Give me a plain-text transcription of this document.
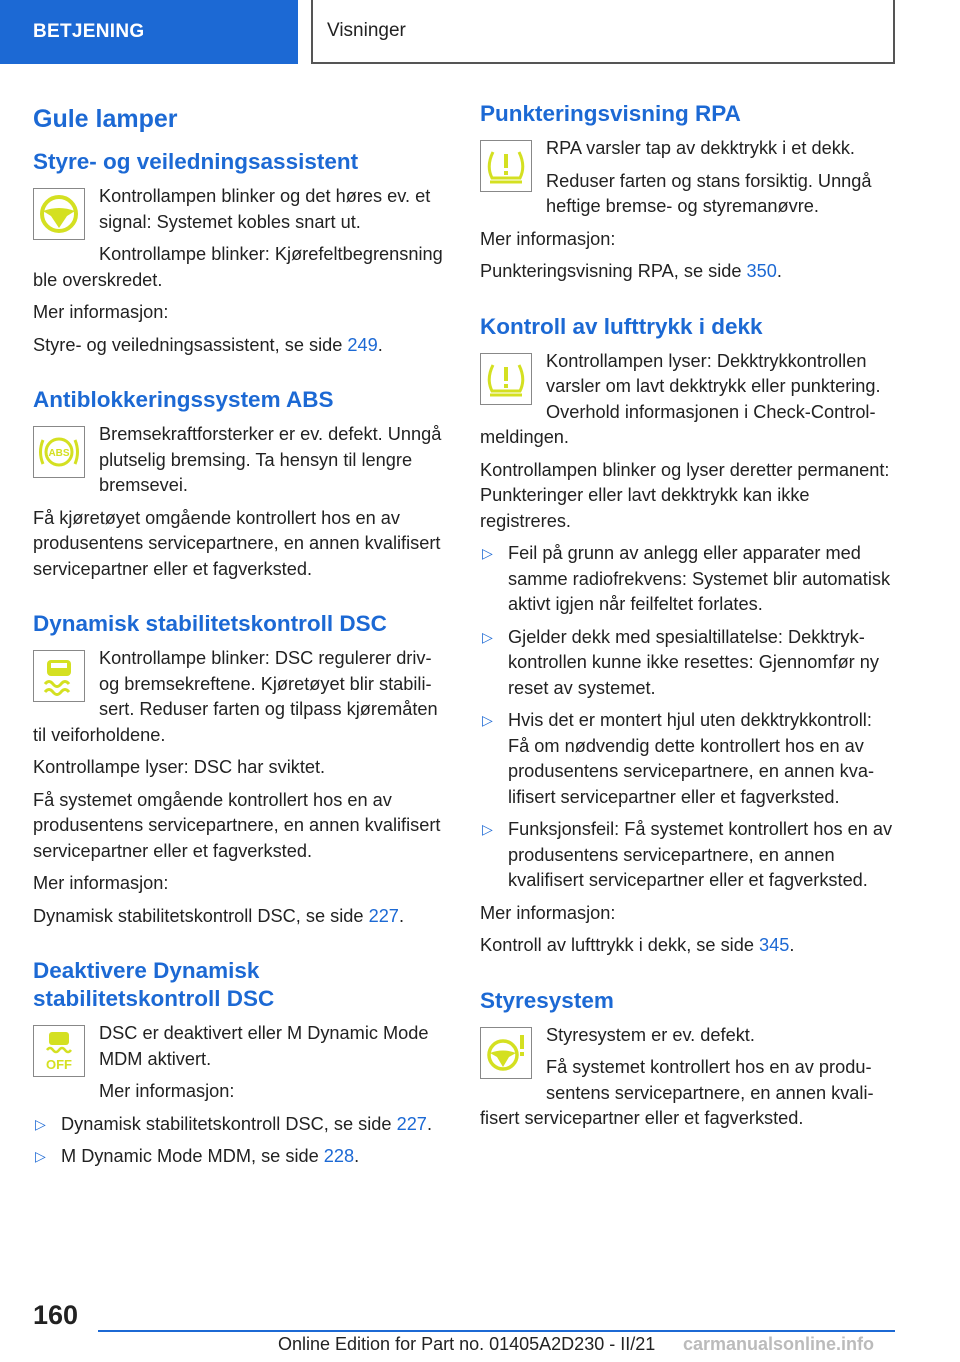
BETJENING	Visninger
Gule lamper
Styre- og veiledningsassistent

Kontrollampen blinker og det høres ev. et signal: Systemet kobles snart ut.

Kontrollampe blinker: Kjørefeltbegrensning ble overskredet.

Mer informasjon:

Styre- og veiledningsassistent, se side 249.

Antiblokkeringssystem ABS
ABS

Bremsekraftforsterker er ev. defekt. Unngå plutselig bremsing. Ta hensyn til lengre bremsevei.

Få kjøretøyet omgående kontrollert hos en av produsentens servicepartnere, en annen kvalifisert servicepartner eller et fagverksted.

Dynamisk stabilitetskontroll DSC

Kontrollampe blinker: DSC regulerer driv- og bremsekreftene. Kjøretøyet blir stabilisert. Reduser farten og tilpass kjøremåten til veiforholdene.

Kontrollampe lyser: DSC har sviktet.

Få systemet omgående kontrollert hos en av produsentens servicepartnere, en annen kvalifisert servicepartner eller et fagverksted.

Mer informasjon:

Dynamisk stabilitetskontroll DSC, se side 227.

Deaktivere Dynamisk stabilitetskontroll DSC
OFF

DSC er deaktivert eller M Dynamic Mode MDM aktivert.

Mer informasjon:

▷ Dynamisk stabilitetskontroll DSC, se side 227.
▷ M Dynamic Mode MDM, se side 228.
Punkteringsvisning RPA

RPA varsler tap av dekktrykk i et dekk.

Reduser farten og stans forsiktig. Unngå heftige bremse- og styremanøvre.

Mer informasjon:

Punkteringsvisning RPA, se side 350.

Kontroll av lufttrykk i dekk

Kontrollampen lyser: Dekktrykkontrollen varsler om lavt dekktrykk eller punktering. Overhold informasjonen i Check-Control-meldingen.

Kontrollampen blinker og lyser deretter permanent: Punkteringer eller lavt dekktrykk kan ikke registreres.

▷ Feil på grunn av anlegg eller apparater med samme radiofrekvens: Systemet blir automatisk aktivt igjen når feilfeltet forlates.
▷ Gjelder dekk med spesialtillatelse: Dekktrykkontrollen kunne ikke resettes: Gjennomfør ny reset av systemet.
▷ Hvis det er montert hjul uten dekktrykkontroll: Få om nødvendig dette kontrollert hos en av produsentens servicepartnere, en annen kvalifisert servicepartner eller et fagverksted.
▷ Funksjonsfeil: Få systemet kontrollert hos en av produsentens servicepartnere, en annen kvalifisert servicepartner eller et fagverksted.

Mer informasjon:

Kontroll av lufttrykk i dekk, se side 345.

Styresystem

Styresystem er ev. defekt.

Få systemet kontrollert hos en av produsentens servicepartnere, en annen kvalifisert servicepartner eller et fagverksted.

160
Online Edition for Part no. 01405A2D230 - II/21 carmanualsonline.info
